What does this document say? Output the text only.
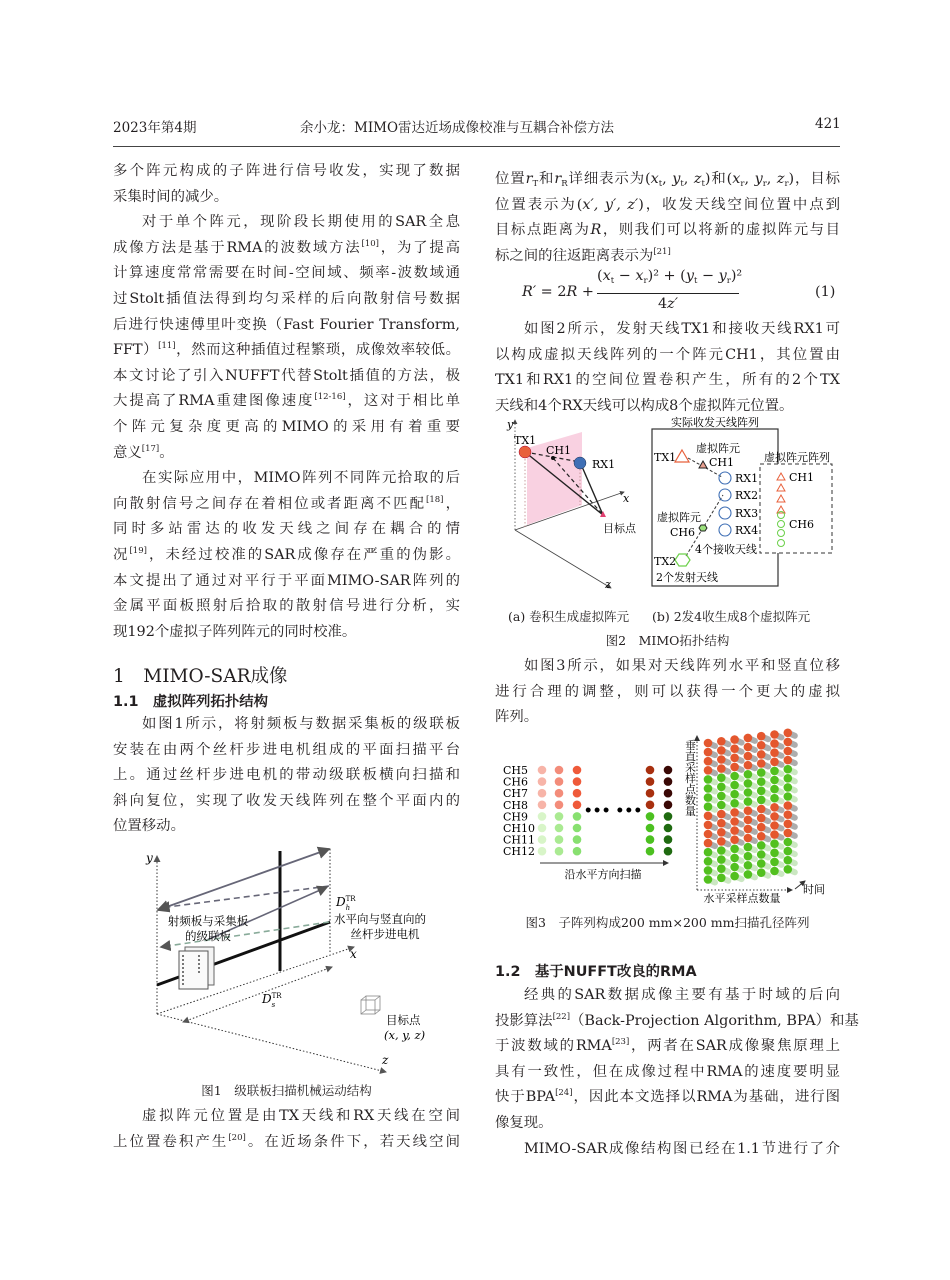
2023年第4期	余小龙：MIMO雷达近场成像校准与互耦合补偿方法	421
多个阵元构成的子阵进行信号收发，实现了数据
采集时间的减少。
对于单个阵元，现阶段长期使用的SAR全息
成像方法是基于RMA的波数域方法[10]，为了提高
计算速度常常需要在时间-空间域、频率-波数域通
过Stolt插值法得到均匀采样的后向散射信号数据
后进行快速傅里叶变换（Fast Fourier Transform,
FFT）[11]，然而这种插值过程繁琐，成像效率较低。
本文讨论了引入NUFFT代替Stolt插值的方法，极
大提高了RMA重建图像速度[12-16]，这对于相比单
个阵元复杂度更高的MIMO的采用有着重要
意义[17]。
在实际应用中，MIMO阵列不同阵元拾取的后
向散射信号之间存在着相位或者距离不匹配[18]，
同时多站雷达的收发天线之间存在耦合的情
况[19]，未经过校准的SAR成像存在严重的伪影。
本文提出了通过对平行于平面MIMO-SAR阵列的
金属平面板照射后拾取的散射信号进行分析，实
现192个虚拟子阵列阵元的同时校准。
1　MIMO-SAR成像
1.1　虚拟阵列拓扑结构
如图1所示，将射频板与数据采集板的级联板
安装在由两个丝杆步进电机组成的平面扫描平台
上。通过丝杆步进电机的带动级联板横向扫描和
斜向复位，实现了收发天线阵列在整个平面内的
位置移动。
y
x
z
$D^{TR}$ h
$D^{TR}$ s
射频板与采集板
的级联板
水平向与竖直向的
丝杆步进电机
目标点
(x, y, z)
图1　级联板扫描机械运动结构
虚拟阵元位置是由TX天线和RX天线在空间
上位置卷积产生[20]。在近场条件下，若天线空间
位置$r_T$和$r_R$详细表示为($x_t$, $y_t$, $z_t$)和($x_r$, $y_r$, $z_r$)，目标
位置表示为(x′, y′, z′)，收发天线空间位置中点到
目标点距离为R，则我们可以将新的虚拟阵元与目
标之间的往返距离表示为[21]
R′ = 2R +
$(x_t - x_r)^2 + (y_t - y_r)^2$
4z′
(1)
如图2所示，发射天线TX1和接收天线RX1可
以构成虚拟天线阵列的一个阵元CH1，其位置由
TX1和RX1的空间位置卷积产生，所有的2个TX
天线和4个RX天线可以构成8个虚拟阵元位置。
y
x
z
TX1
CH1
RX1
目标点
实际收发天线阵列
虚拟阵元阵列
TX1
虚拟阵元
CH1
RX1
RX2
RX3
RX4
虚拟阵元
CH6
4个接收天线
TX2
2个发射天线
CH1
CH6
(a) 卷积生成虚拟阵元 (b) 2发4收生成8个虚拟阵元
图2　MIMO拓扑结构
如图3所示，如果对天线阵列水平和竖直位移
进行合理的调整，则可以获得一个更大的虚拟
阵列。
CH5
CH6
CH7
CH8
CH9
CH10
CH11
CH12
••• •••
沿水平方向扫描
垂直采样点数量
水平采样点数量
时间
图3　子阵列构成200 mm×200 mm扫描孔径阵列
1.2　基于NUFFT改良的RMA
经典的SAR数据成像主要有基于时域的后向
投影算法[22]（Back-Projection Algorithm, BPA）和基
于波数域的RMA[23]，两者在SAR成像聚焦原理上
具有一致性，但在成像过程中RMA的速度要明显
快于BPA[24]，因此本文选择以RMA为基础，进行图
像复现。
MIMO-SAR成像结构图已经在1.1节进行了介
